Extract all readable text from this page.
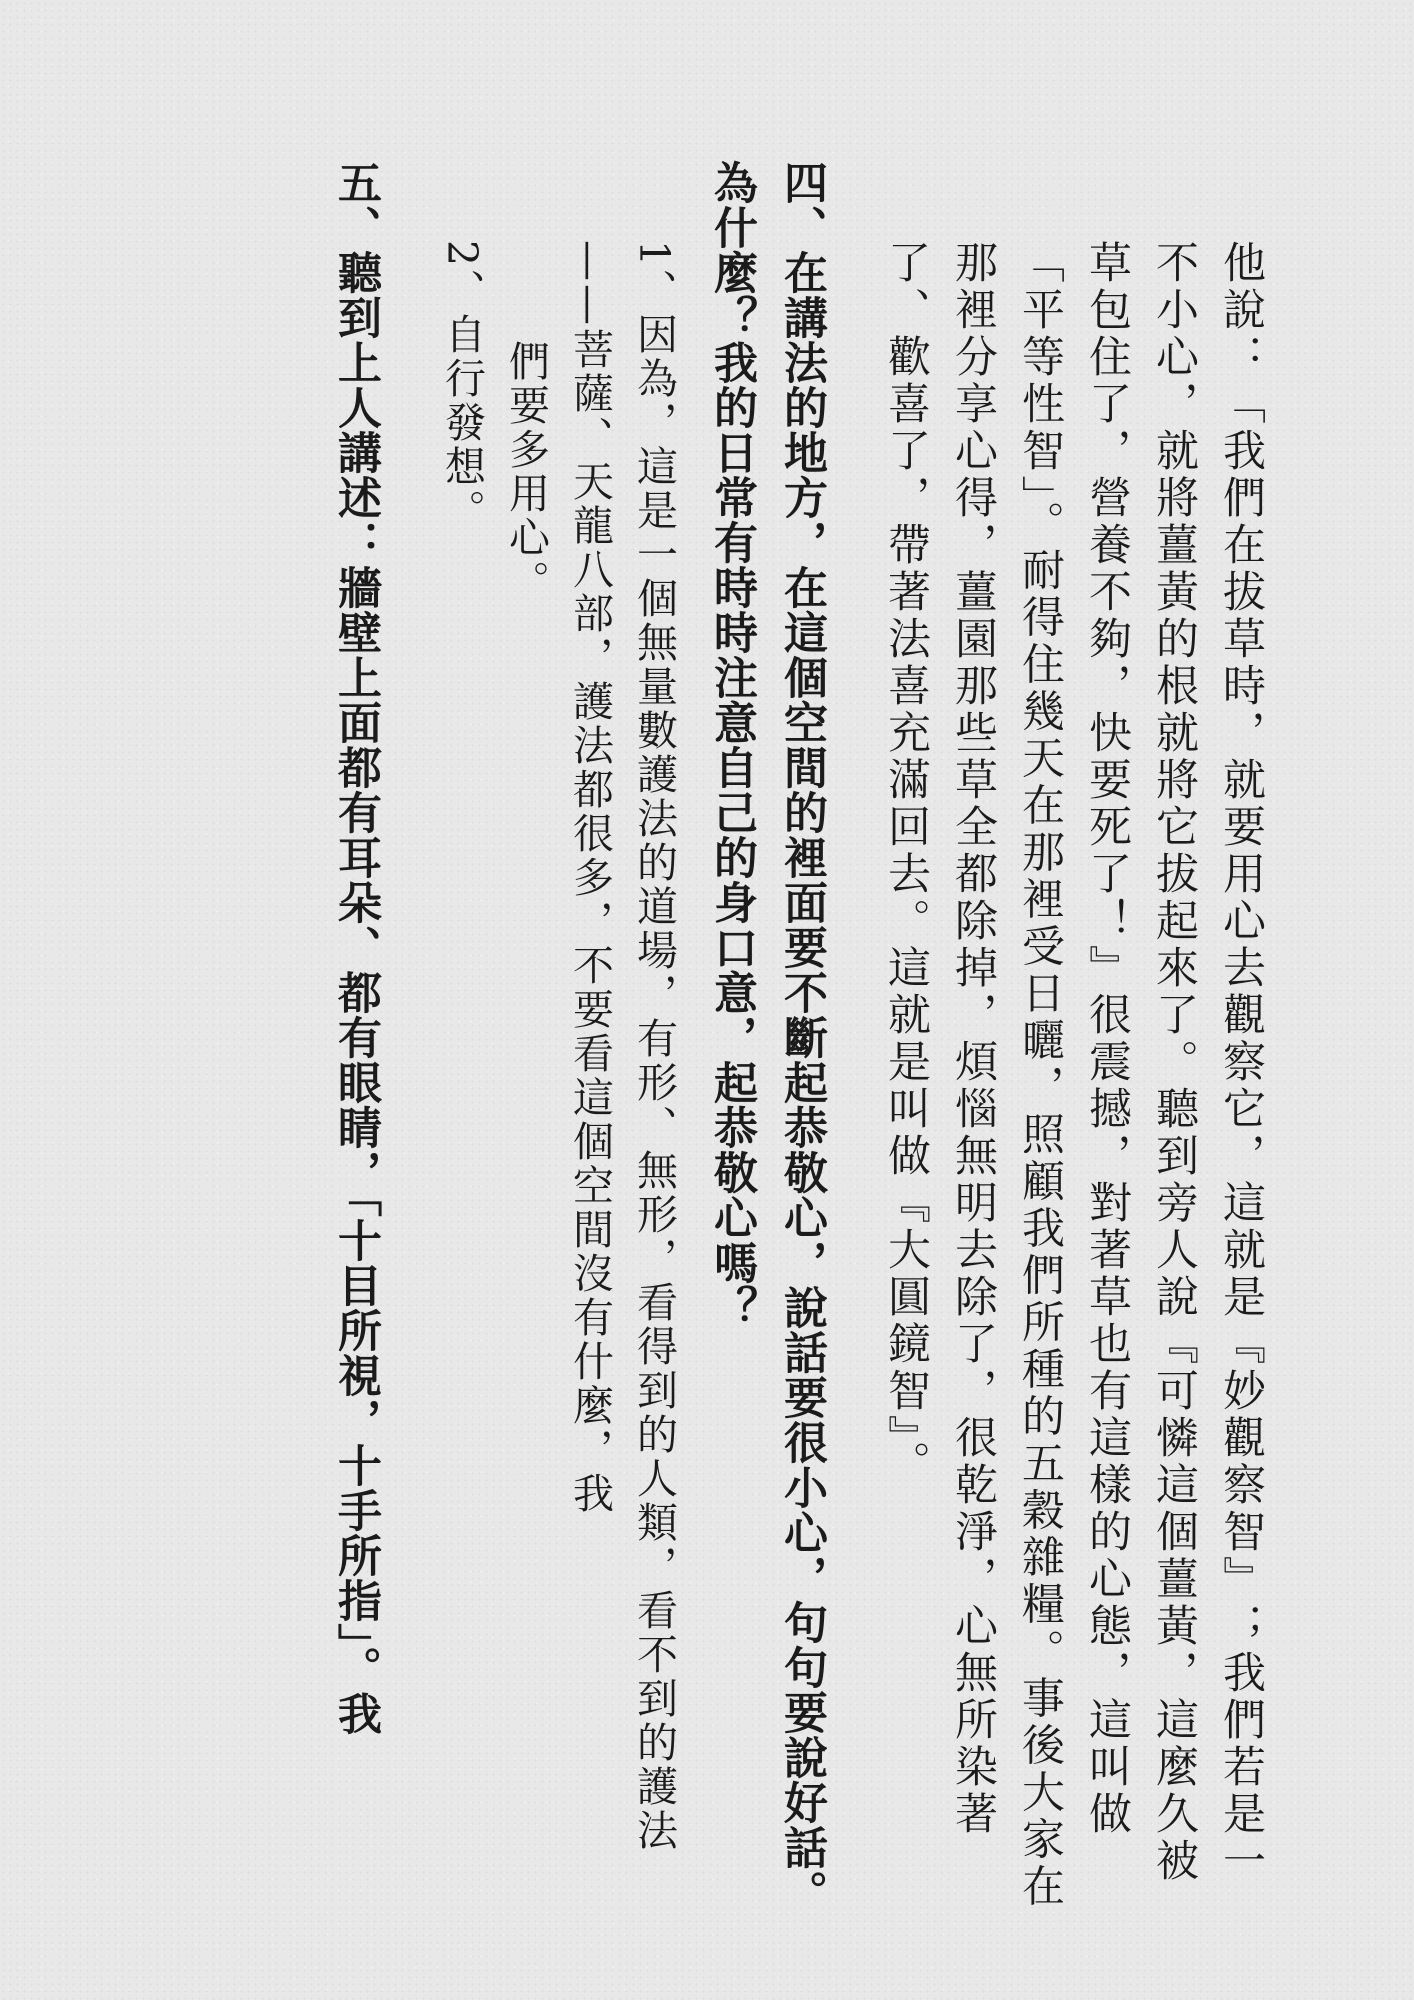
他說：「我們在拔草時，就要用心去觀察它，這就是『妙觀察智』；我們若是一不小心，就將薑黃的根就將它拔起來了。聽到旁人說『可憐這個薑黃，這麼久被草包住了，營養不夠，快要死了！』很震撼，對著草也有這樣的心態，這叫做「平等性智」。耐得住幾天在那裡受日曬，照顧我們所種的五穀雜糧。事後大家在那裡分享心得，薑園那些草全都除掉，煩惱無明去除了，很乾淨，心無所染著了、歡喜了，帶著法喜充滿回去。這就是叫做『大圓鏡智』。

四、在講法的地方，在這個空間的裡面要不斷起恭敬心，說話要很小心，句句要說好話。為什麼？我的日常有時時注意自己的身口意，起恭敬心嗎？

1、因為，這是一個無量數護法的道場，有形、無形，看得到的人類，看不到的護法——菩薩、天龍八部，護法都很多，不要看這個空間沒有什麼，我

們要多用心。

2、自行發想。

五、聽到上人講述：牆壁上面都有耳朵、都有眼睛，「十目所視，十手所指」。我
